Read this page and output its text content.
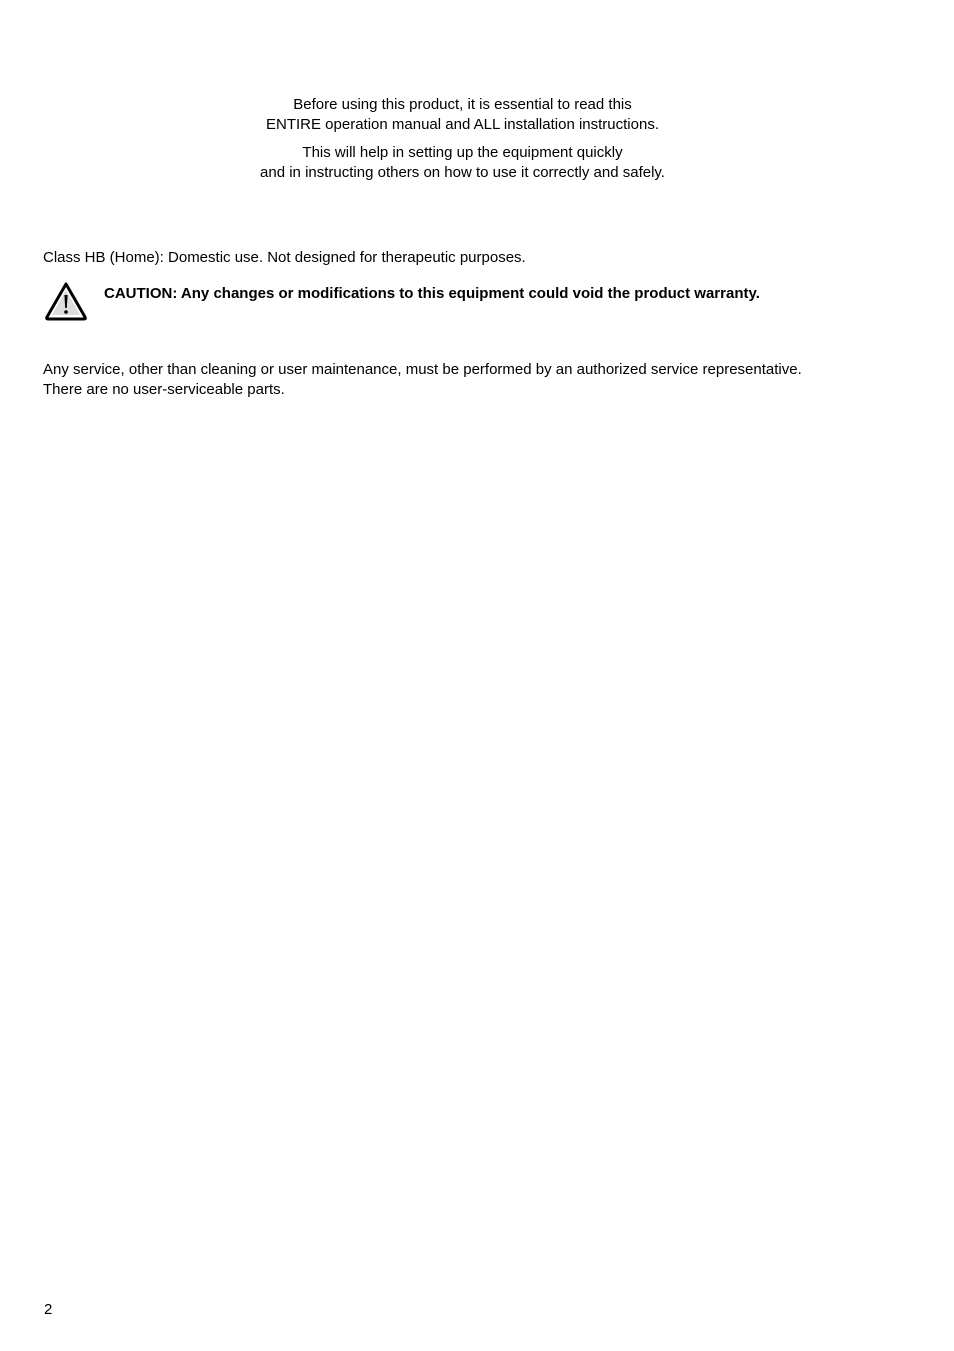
Before using this product, it is essential to read this

ENTIRE operation manual and ALL installation instructions.

This will help in setting up the equipment quickly

and in instructing others on how to use it correctly and safely.

Class HB (Home): Domestic use. Not designed for therapeutic purposes.

CAUTION: Any changes or modifications to this equipment could void the product warranty.

Any service, other than cleaning or user maintenance, must be performed by an authorized service representative.
There are no user-serviceable parts.

2
